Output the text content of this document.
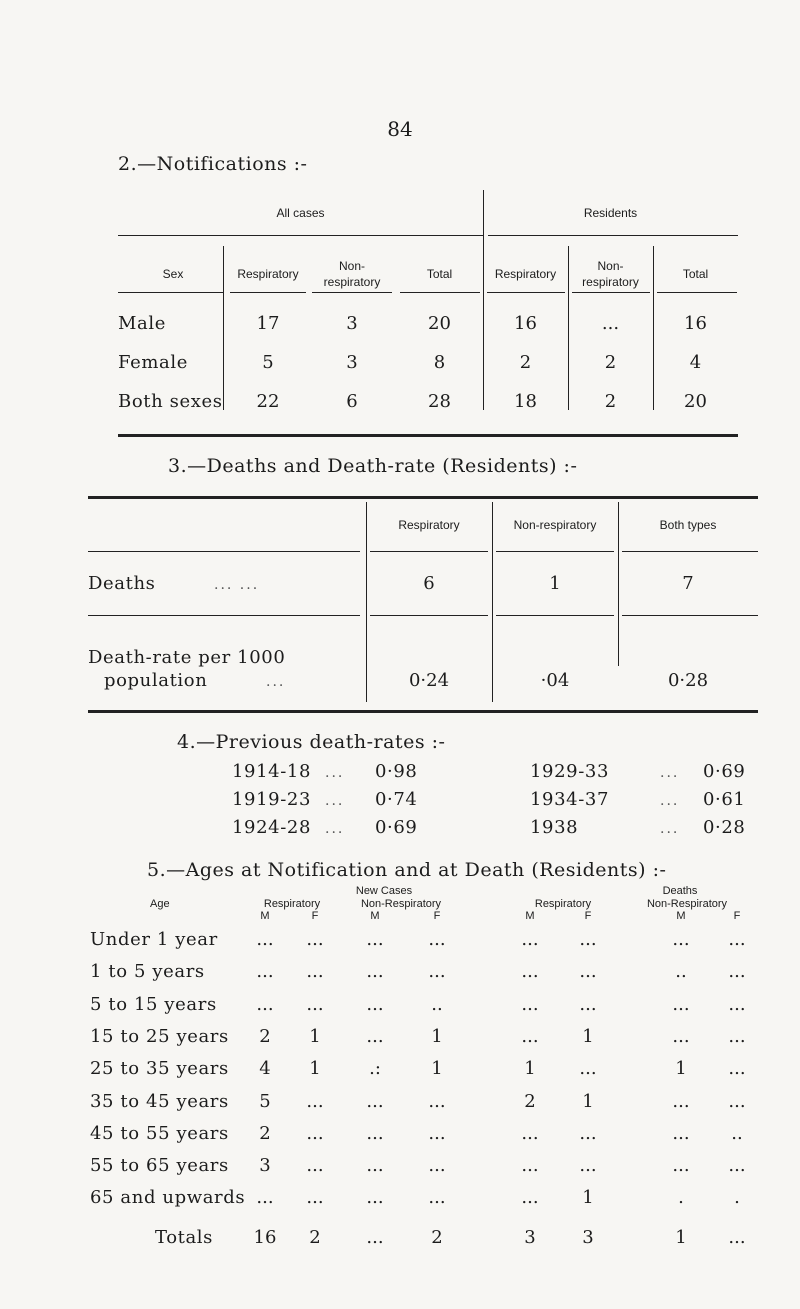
84
2.—Notifications :-
All cases	Residents
Sex	Respiratory
Non-
respiratory
Total	Respiratory
Non-
respiratory
Total
Male	17	3	20	16	...	16
Female	5	3	8	2	2	4
Both sexes	22	6	28	18	2	20
3.—Deaths and Death-rate (Residents) :-
Respiratory	Non-respiratory	Both types
Deaths	... ...	6	1	7
Death-rate per 1000
population	...	0·24	·04	0·28
4.—Previous death-rates :-
1914-18 ... 0·98	1929-33	... 0·69
1919-23 ... 0·74	1934-37	... 0·61
1924-28 ... 0·69	1938	... 0·28
5.—Ages at Notification and at Death (Residents) :-
New Cases	Deaths
Age	Respiratory	Non-Respiratory	Respiratory	Non-Respiratory
M	F	M	F	M	F	M	F
Under 1 year	...	...	...	...	...	...	...	...
1 to 5 years	...	...	...	...	...	...	..	...
5 to 15 years	...	...	...	..	...	...	...	...
15 to 25 years	2	1	...	1	...	1	...	...
25 to 35 years	4	1	.:	1	1	...	1	...
35 to 45 years	5	...	...	...	2	1	...	...
45 to 55 years	2	...	...	...	...	...	...	..
55 to 65 years	3	...	...	...	...	...	...	...
65 and upwards ...	...	...	...	...	1	.	.
Totals	16	2	...	2	3	3	1	...
